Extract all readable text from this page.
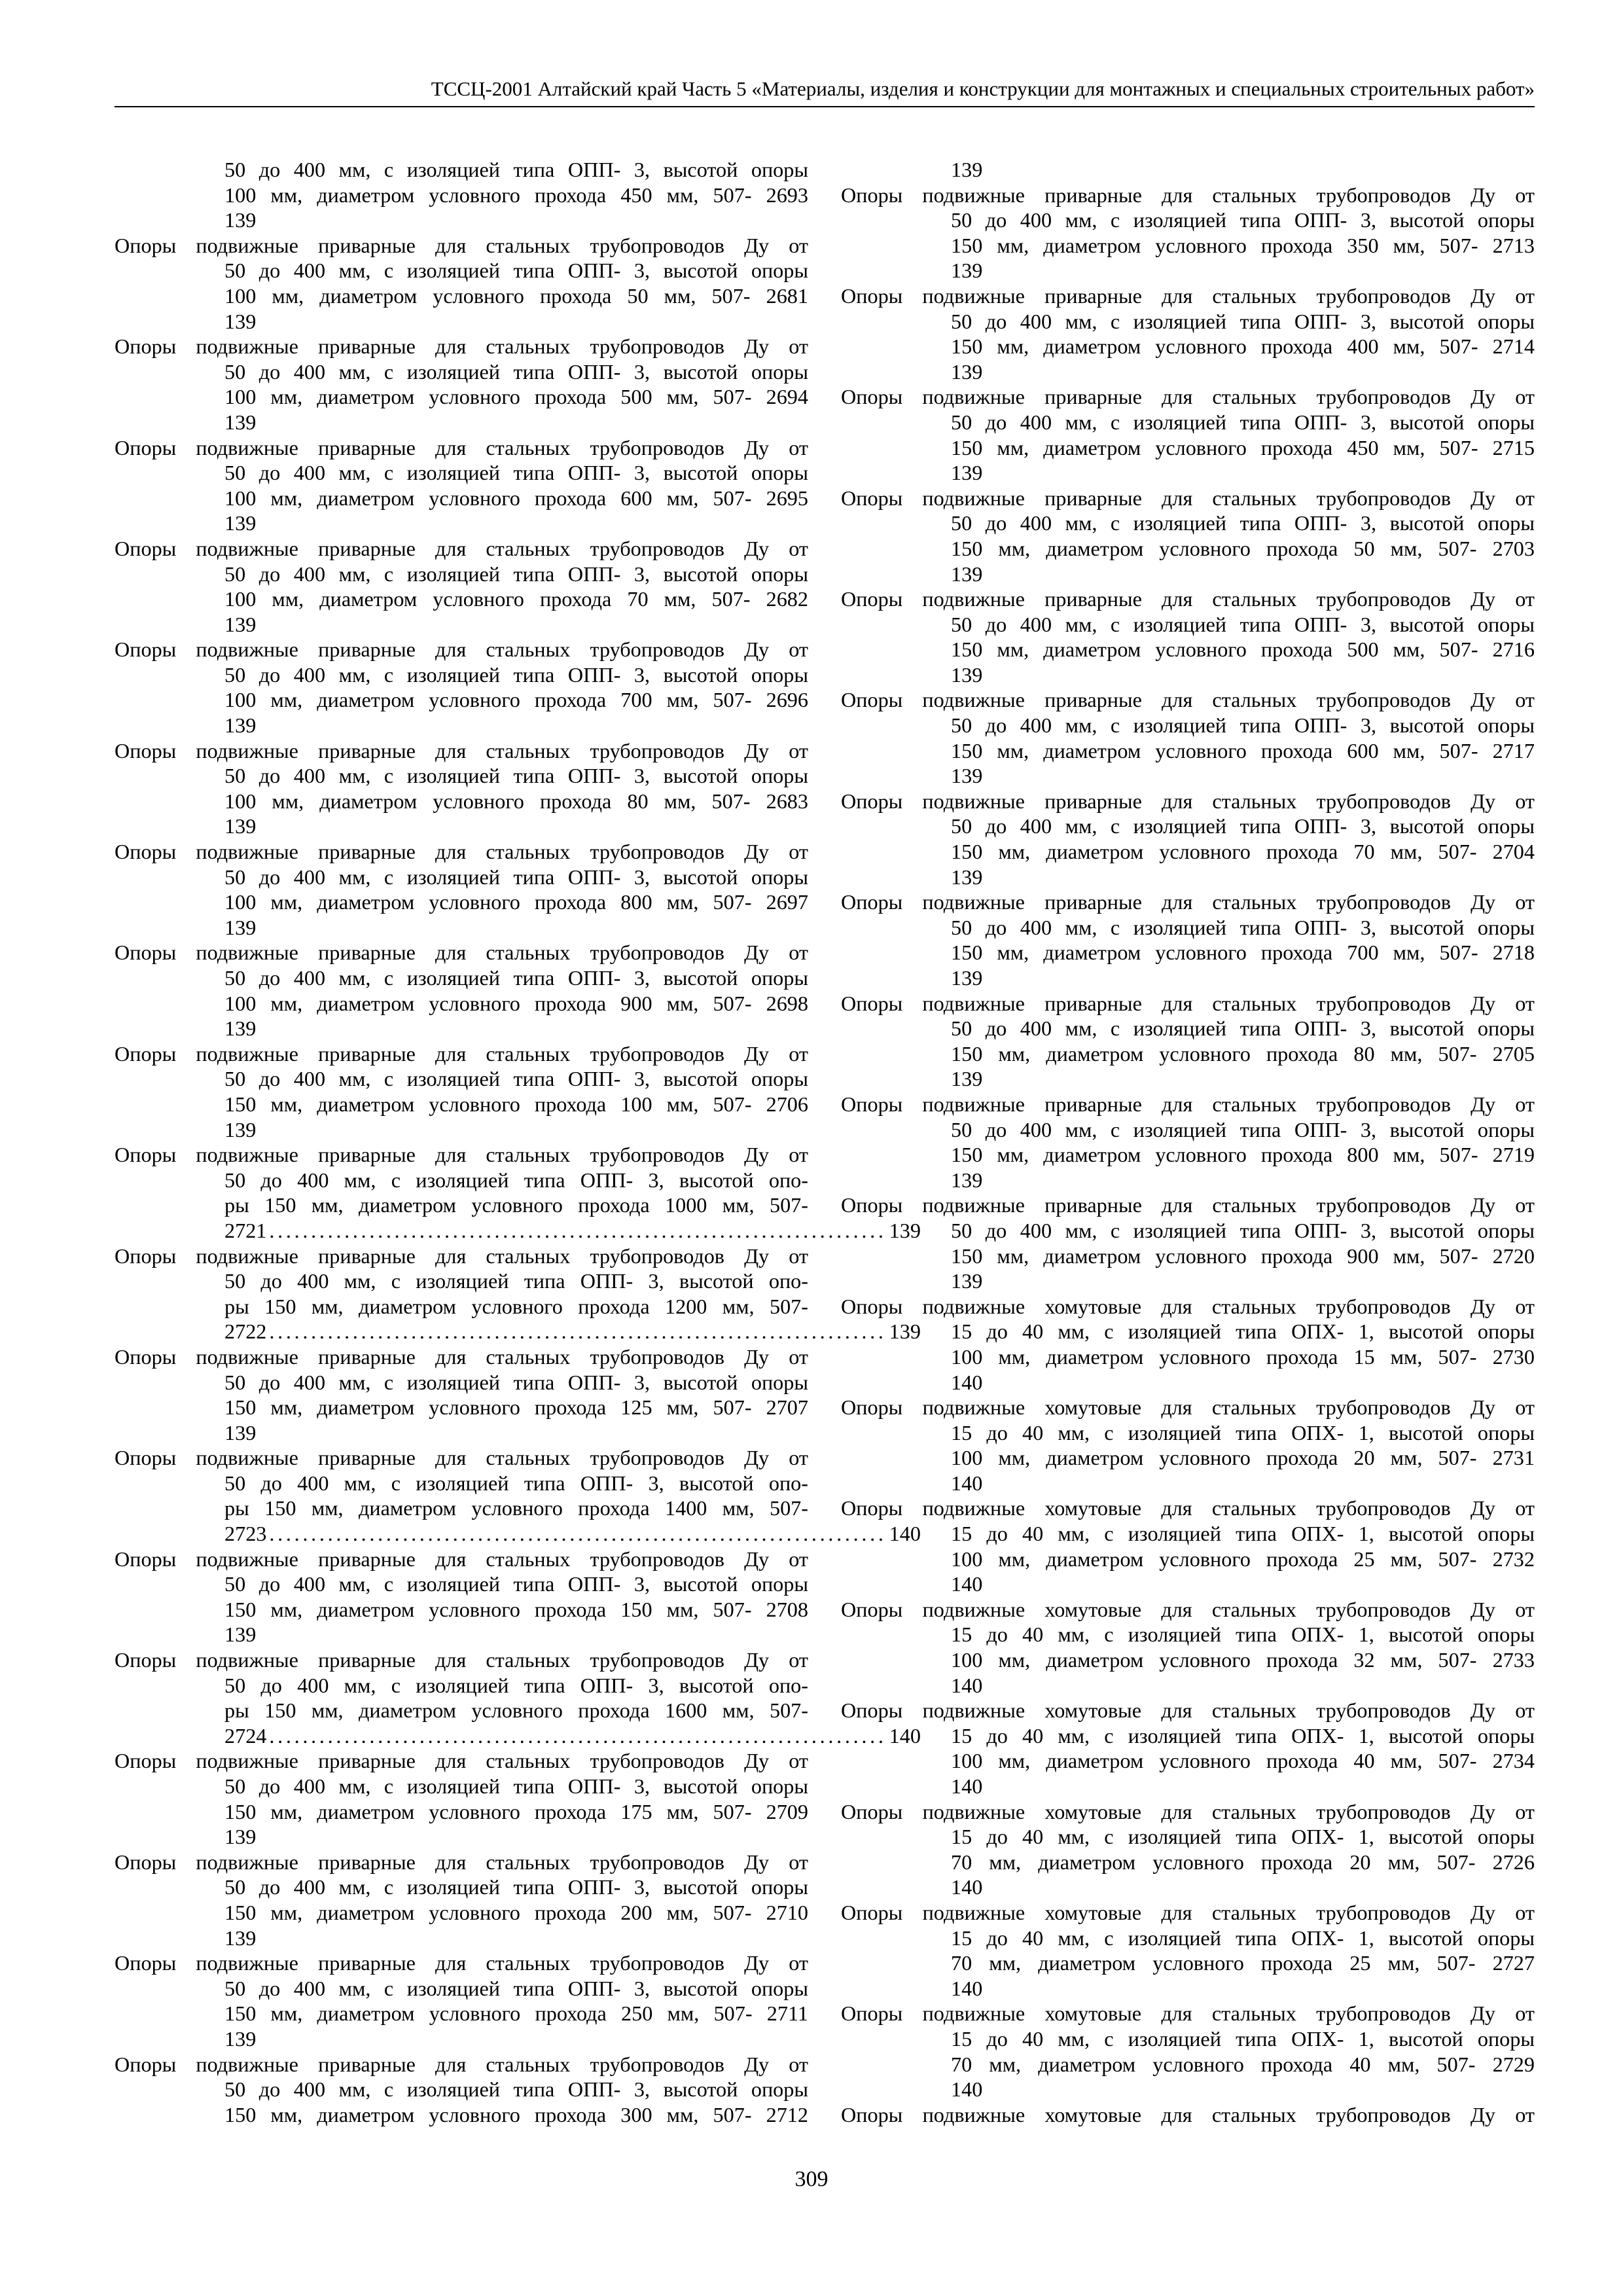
ТССЦ-2001 Алтайский край Часть 5 «Материалы, изделия и конструкции для монтажных и специальных строительных работ»
50 до 400 мм, с изоляцией типа ОПП- 3, высотой опоры
100 мм, диаметром условного прохода 450 мм, 507- 2693
139
Опоры подвижные приварные для стальных трубопроводов Ду от
50 до 400 мм, с изоляцией типа ОПП- 3, высотой опоры
100 мм, диаметром условного прохода 50 мм, 507- 2681
139
Опоры подвижные приварные для стальных трубопроводов Ду от
50 до 400 мм, с изоляцией типа ОПП- 3, высотой опоры
100 мм, диаметром условного прохода 500 мм, 507- 2694
139
Опоры подвижные приварные для стальных трубопроводов Ду от
50 до 400 мм, с изоляцией типа ОПП- 3, высотой опоры
100 мм, диаметром условного прохода 600 мм, 507- 2695
139
Опоры подвижные приварные для стальных трубопроводов Ду от
50 до 400 мм, с изоляцией типа ОПП- 3, высотой опоры
100 мм, диаметром условного прохода 70 мм, 507- 2682
139
Опоры подвижные приварные для стальных трубопроводов Ду от
50 до 400 мм, с изоляцией типа ОПП- 3, высотой опоры
100 мм, диаметром условного прохода 700 мм, 507- 2696
139
Опоры подвижные приварные для стальных трубопроводов Ду от
50 до 400 мм, с изоляцией типа ОПП- 3, высотой опоры
100 мм, диаметром условного прохода 80 мм, 507- 2683
139
Опоры подвижные приварные для стальных трубопроводов Ду от
50 до 400 мм, с изоляцией типа ОПП- 3, высотой опоры
100 мм, диаметром условного прохода 800 мм, 507- 2697
139
Опоры подвижные приварные для стальных трубопроводов Ду от
50 до 400 мм, с изоляцией типа ОПП- 3, высотой опоры
100 мм, диаметром условного прохода 900 мм, 507- 2698
139
Опоры подвижные приварные для стальных трубопроводов Ду от
50 до 400 мм, с изоляцией типа ОПП- 3, высотой опоры
150 мм, диаметром условного прохода 100 мм, 507- 2706
139
Опоры подвижные приварные для стальных трубопроводов Ду от
50 до 400 мм, с изоляцией типа ОПП- 3, высотой опо-
ры 150 мм, диаметром условного прохода 1000 мм, 507-
2721 .......................................................................... 139
Опоры подвижные приварные для стальных трубопроводов Ду от
50 до 400 мм, с изоляцией типа ОПП- 3, высотой опо-
ры 150 мм, диаметром условного прохода 1200 мм, 507-
2722 .......................................................................... 139
Опоры подвижные приварные для стальных трубопроводов Ду от
50 до 400 мм, с изоляцией типа ОПП- 3, высотой опоры
150 мм, диаметром условного прохода 125 мм, 507- 2707
139
Опоры подвижные приварные для стальных трубопроводов Ду от
50 до 400 мм, с изоляцией типа ОПП- 3, высотой опо-
ры 150 мм, диаметром условного прохода 1400 мм, 507-
2723 .......................................................................... 140
Опоры подвижные приварные для стальных трубопроводов Ду от
50 до 400 мм, с изоляцией типа ОПП- 3, высотой опоры
150 мм, диаметром условного прохода 150 мм, 507- 2708
139
Опоры подвижные приварные для стальных трубопроводов Ду от
50 до 400 мм, с изоляцией типа ОПП- 3, высотой опо-
ры 150 мм, диаметром условного прохода 1600 мм, 507-
2724 .......................................................................... 140
Опоры подвижные приварные для стальных трубопроводов Ду от
50 до 400 мм, с изоляцией типа ОПП- 3, высотой опоры
150 мм, диаметром условного прохода 175 мм, 507- 2709
139
Опоры подвижные приварные для стальных трубопроводов Ду от
50 до 400 мм, с изоляцией типа ОПП- 3, высотой опоры
150 мм, диаметром условного прохода 200 мм, 507- 2710
139
Опоры подвижные приварные для стальных трубопроводов Ду от
50 до 400 мм, с изоляцией типа ОПП- 3, высотой опоры
150 мм, диаметром условного прохода 250 мм, 507- 2711
139
Опоры подвижные приварные для стальных трубопроводов Ду от
50 до 400 мм, с изоляцией типа ОПП- 3, высотой опоры
150 мм, диаметром условного прохода 300 мм, 507- 2712
139
Опоры подвижные приварные для стальных трубопроводов Ду от
50 до 400 мм, с изоляцией типа ОПП- 3, высотой опоры
150 мм, диаметром условного прохода 350 мм, 507- 2713
139
Опоры подвижные приварные для стальных трубопроводов Ду от
50 до 400 мм, с изоляцией типа ОПП- 3, высотой опоры
150 мм, диаметром условного прохода 400 мм, 507- 2714
139
Опоры подвижные приварные для стальных трубопроводов Ду от
50 до 400 мм, с изоляцией типа ОПП- 3, высотой опоры
150 мм, диаметром условного прохода 450 мм, 507- 2715
139
Опоры подвижные приварные для стальных трубопроводов Ду от
50 до 400 мм, с изоляцией типа ОПП- 3, высотой опоры
150 мм, диаметром условного прохода 50 мм, 507- 2703
139
Опоры подвижные приварные для стальных трубопроводов Ду от
50 до 400 мм, с изоляцией типа ОПП- 3, высотой опоры
150 мм, диаметром условного прохода 500 мм, 507- 2716
139
Опоры подвижные приварные для стальных трубопроводов Ду от
50 до 400 мм, с изоляцией типа ОПП- 3, высотой опоры
150 мм, диаметром условного прохода 600 мм, 507- 2717
139
Опоры подвижные приварные для стальных трубопроводов Ду от
50 до 400 мм, с изоляцией типа ОПП- 3, высотой опоры
150 мм, диаметром условного прохода 70 мм, 507- 2704
139
Опоры подвижные приварные для стальных трубопроводов Ду от
50 до 400 мм, с изоляцией типа ОПП- 3, высотой опоры
150 мм, диаметром условного прохода 700 мм, 507- 2718
139
Опоры подвижные приварные для стальных трубопроводов Ду от
50 до 400 мм, с изоляцией типа ОПП- 3, высотой опоры
150 мм, диаметром условного прохода 80 мм, 507- 2705
139
Опоры подвижные приварные для стальных трубопроводов Ду от
50 до 400 мм, с изоляцией типа ОПП- 3, высотой опоры
150 мм, диаметром условного прохода 800 мм, 507- 2719
139
Опоры подвижные приварные для стальных трубопроводов Ду от
50 до 400 мм, с изоляцией типа ОПП- 3, высотой опоры
150 мм, диаметром условного прохода 900 мм, 507- 2720
139
Опоры подвижные хомутовые для стальных трубопроводов Ду от
15 до 40 мм, с изоляцией типа ОПХ- 1, высотой опоры
100 мм, диаметром условного прохода 15 мм, 507- 2730
140
Опоры подвижные хомутовые для стальных трубопроводов Ду от
15 до 40 мм, с изоляцией типа ОПХ- 1, высотой опоры
100 мм, диаметром условного прохода 20 мм, 507- 2731
140
Опоры подвижные хомутовые для стальных трубопроводов Ду от
15 до 40 мм, с изоляцией типа ОПХ- 1, высотой опоры
100 мм, диаметром условного прохода 25 мм, 507- 2732
140
Опоры подвижные хомутовые для стальных трубопроводов Ду от
15 до 40 мм, с изоляцией типа ОПХ- 1, высотой опоры
100 мм, диаметром условного прохода 32 мм, 507- 2733
140
Опоры подвижные хомутовые для стальных трубопроводов Ду от
15 до 40 мм, с изоляцией типа ОПХ- 1, высотой опоры
100 мм, диаметром условного прохода 40 мм, 507- 2734
140
Опоры подвижные хомутовые для стальных трубопроводов Ду от
15 до 40 мм, с изоляцией типа ОПХ- 1, высотой опоры
70 мм, диаметром условного прохода 20 мм, 507- 2726
140
Опоры подвижные хомутовые для стальных трубопроводов Ду от
15 до 40 мм, с изоляцией типа ОПХ- 1, высотой опоры
70 мм, диаметром условного прохода 25 мм, 507- 2727
140
Опоры подвижные хомутовые для стальных трубопроводов Ду от
15 до 40 мм, с изоляцией типа ОПХ- 1, высотой опоры
70 мм, диаметром условного прохода 40 мм, 507- 2729
140
Опоры подвижные хомутовые для стальных трубопроводов Ду от
309
